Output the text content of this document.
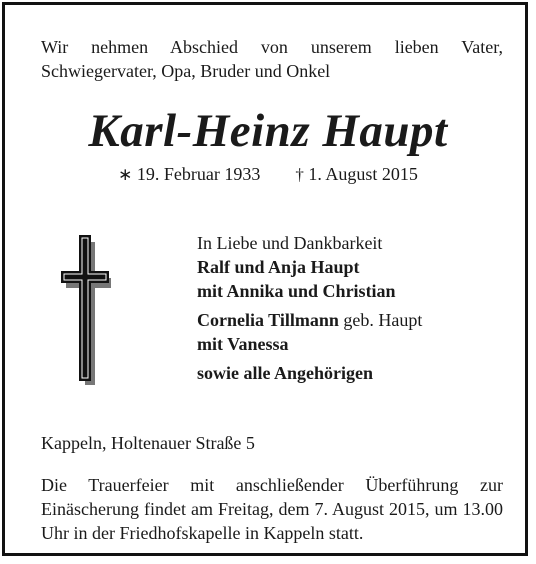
Wir nehmen Abschied von unserem lieben Vater, Schwiegervater, Opa, Bruder und Onkel
Karl-Heinz Haupt
∗ 19. Februar 1933 † 1. August 2015
In Liebe und Dankbarkeit
Ralf und Anja Haupt
mit Annika und Christian
Cornelia Tillmann geb. Haupt
mit Vanessa
sowie alle Angehörigen
Kappeln, Holtenauer Straße 5
Die Trauerfeier mit anschließender Überführung zur Einäscherung findet am Freitag, dem 7. August 2015, um 13.00 Uhr in der Friedhofskapelle in Kappeln statt.
